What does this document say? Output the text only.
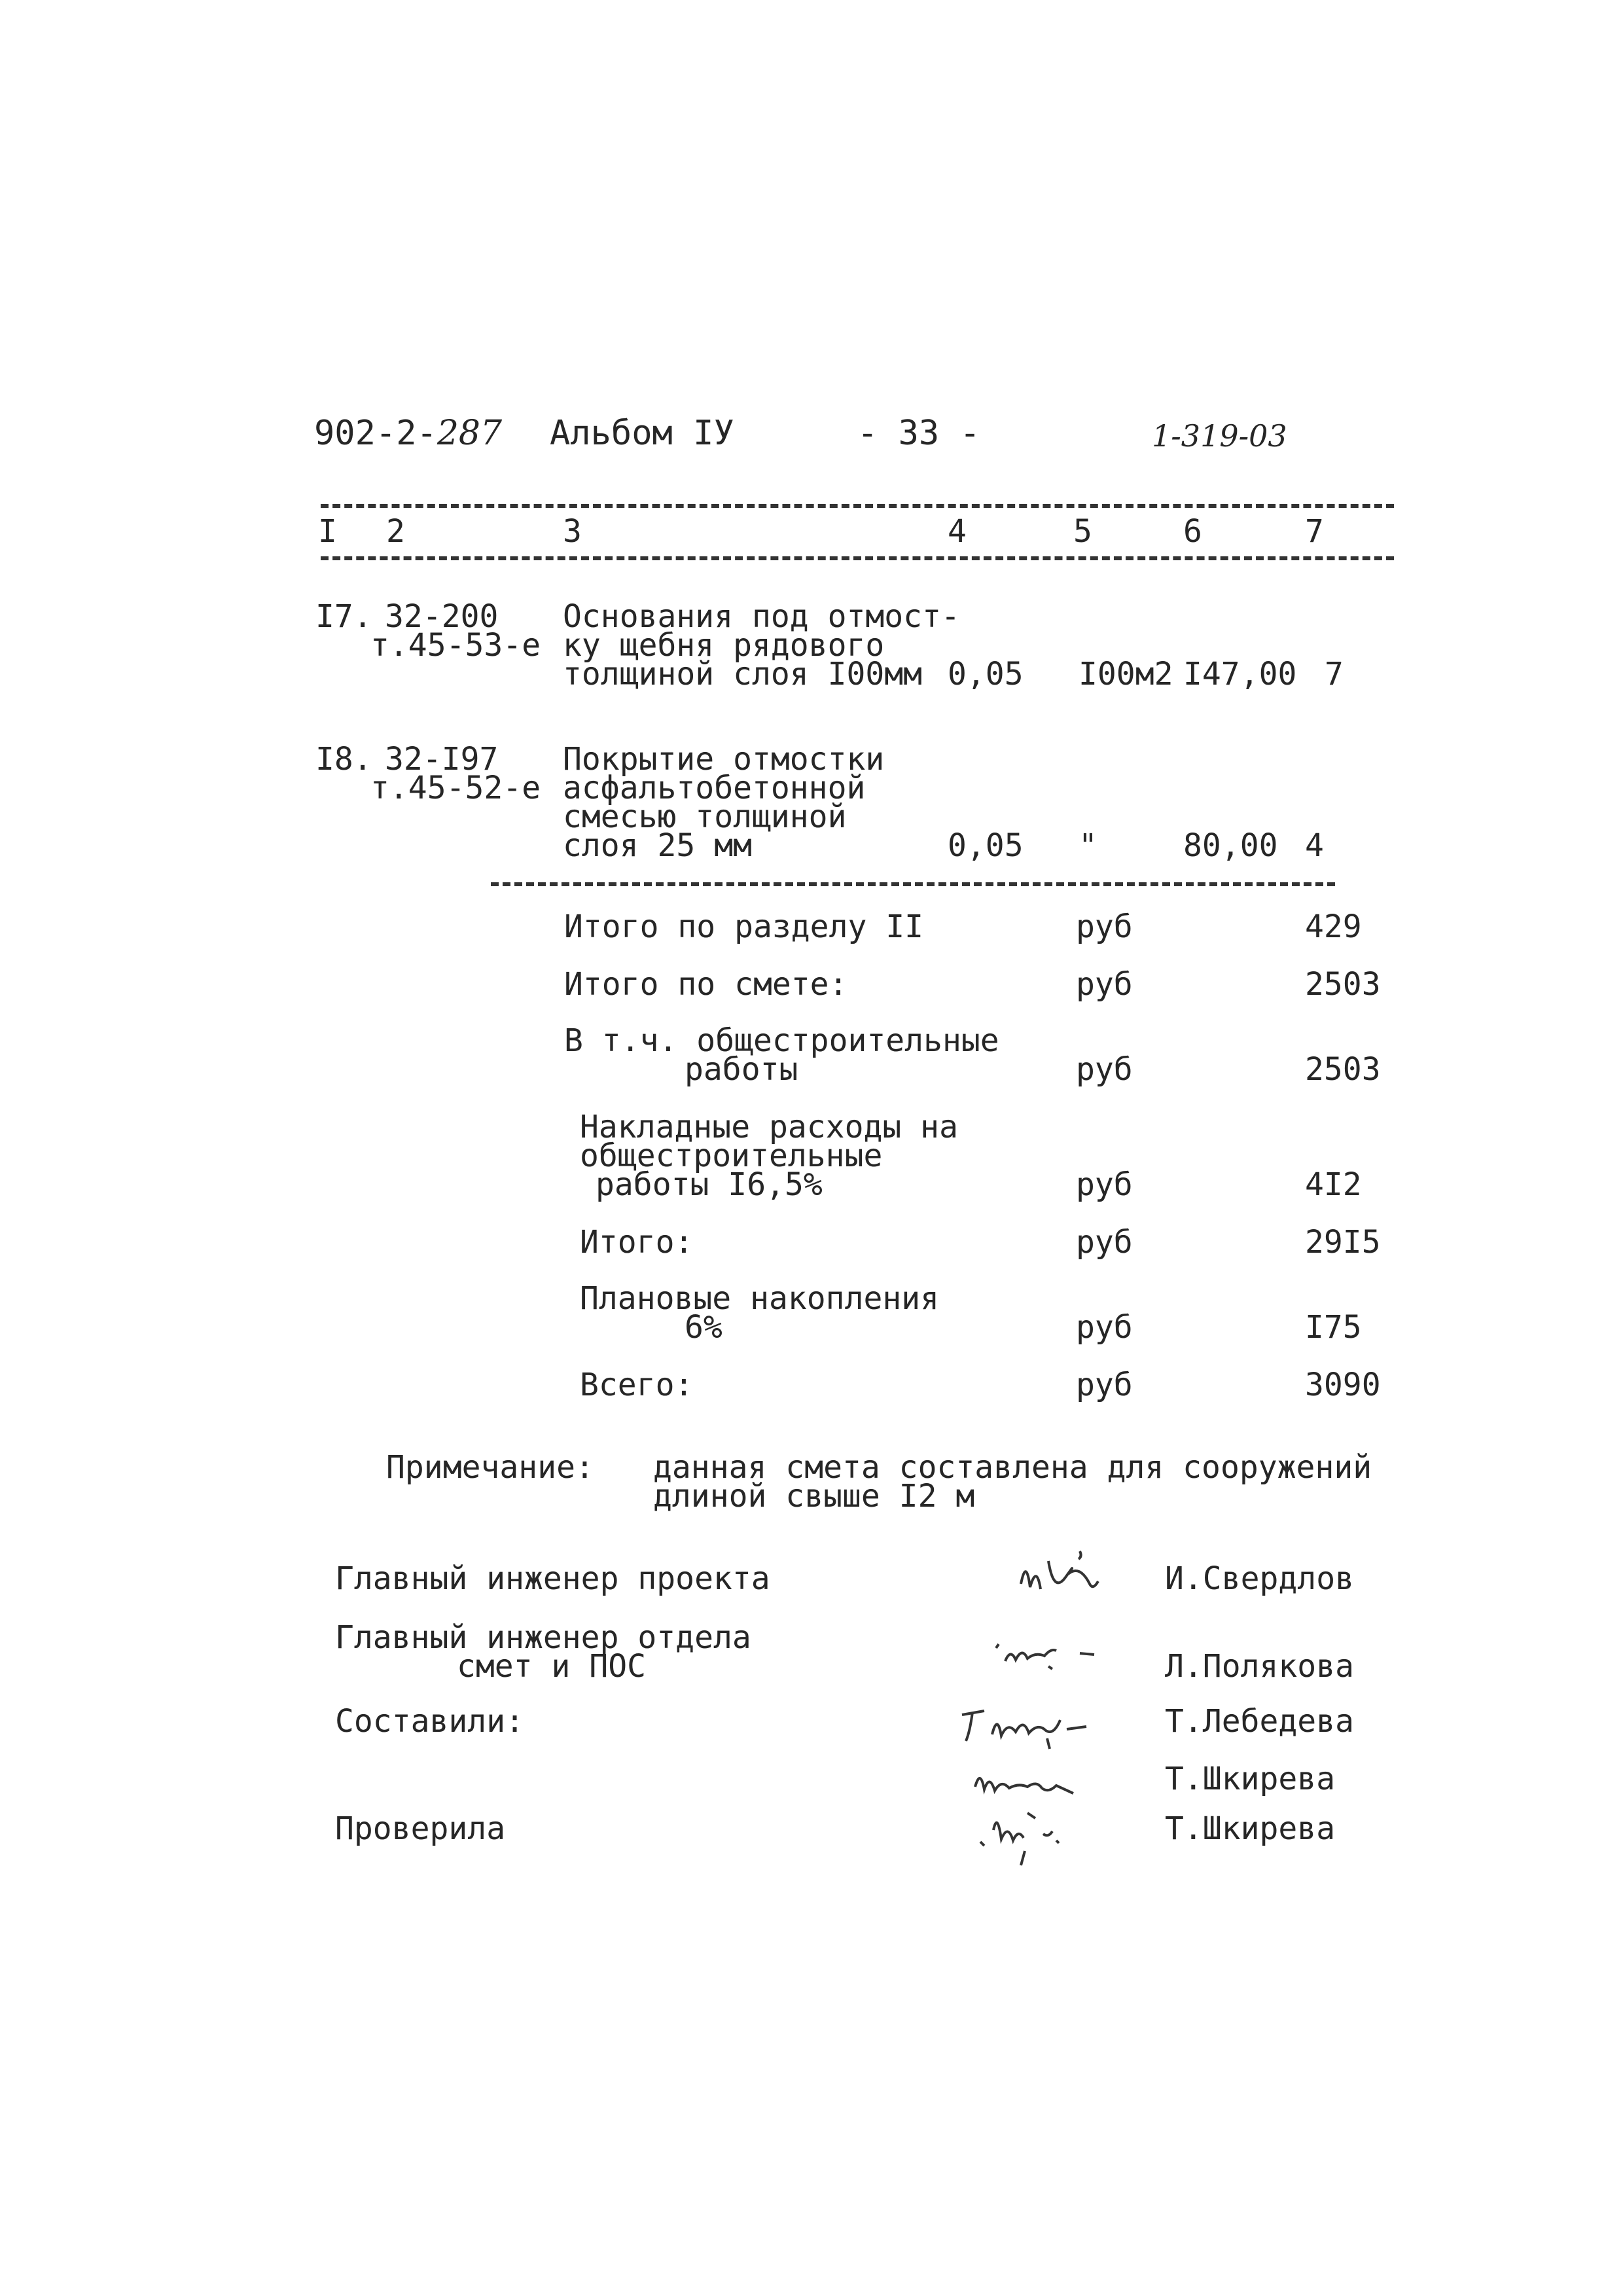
902-2-287 Альбом IУ	- 33 -	1-319-03
I 2	3	4	5	6	7
I7. 32-200
т.45-53-е
Основания под отмост-
ку щебня рядового
толщиной слоя I00мм 0,05 I00м2 I47,00 7
I8. 32-I97
т.45-52-е
Покрытие отмостки
асфальтобетонной
смесью толщиной
слоя 25 мм	0,05 "	80,00 4
Итого по разделу II	руб	429
Итого по смете:	руб	2503
В т.ч. общестроительные
работы	руб	2503
Накладные расходы на
общестроительные
работы I6,5%	руб	4I2
Итого:	руб	29I5
Плановые накопления
6%	руб	I75
Всего:	руб	3090
Примечание: данная смета составлена для сооружений
длиной свыше I2 м
Главный инженер проекта	И.Свердлов
Главный инженер отдела
смет и ПОС	Л.Полякова
Составили:	Т.Лебедева
Т.Шкирева
Проверила	Т.Шкирева
